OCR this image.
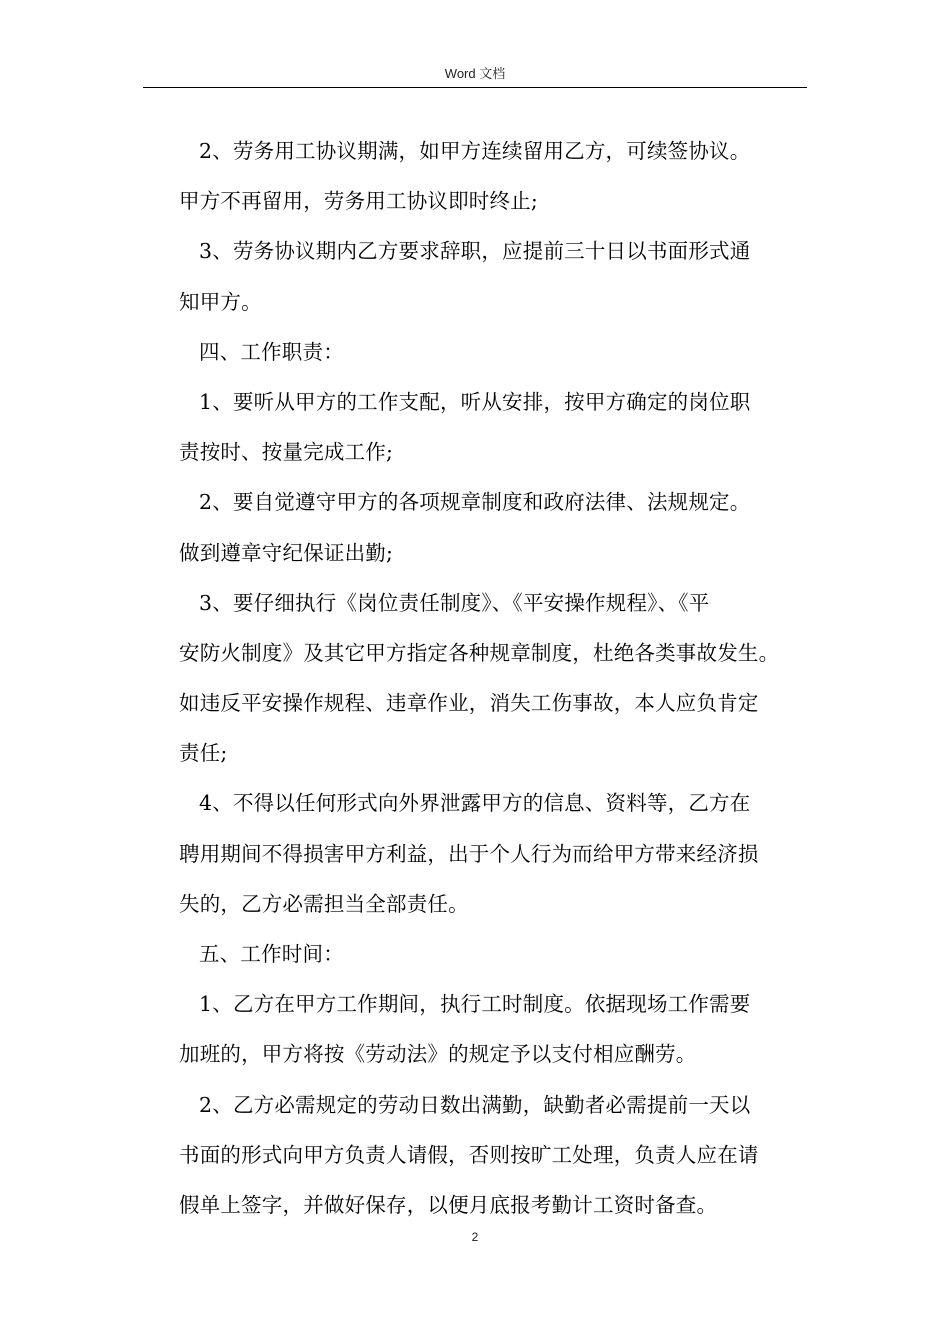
Word 文档
2、劳务用工协议期满，如甲方连续留用乙方，可续签协议。
甲方不再留用，劳务用工协议即时终止;
3、劳务协议期内乙方要求辞职，应提前三十日以书面形式通
知甲方。
四、工作职责：
1、要听从甲方的工作支配，听从安排，按甲方确定的岗位职
责按时、按量完成工作;
2、要自觉遵守甲方的各项规章制度和政府法律、法规规定。
做到遵章守纪保证出勤;
3、要仔细执行《岗位责任制度》、《平安操作规程》、《平
安防火制度》及其它甲方指定各种规章制度，杜绝各类事故发生。
如违反平安操作规程、违章作业，消失工伤事故，本人应负肯定
责任;
4、不得以任何形式向外界泄露甲方的信息、资料等，乙方在
聘用期间不得损害甲方利益，出于个人行为而给甲方带来经济损
失的，乙方必需担当全部责任。
五、工作时间：
1、乙方在甲方工作期间，执行工时制度。依据现场工作需要
加班的，甲方将按《劳动法》的规定予以支付相应酬劳。
2、乙方必需规定的劳动日数出满勤，缺勤者必需提前一天以
书面的形式向甲方负责人请假，否则按旷工处理，负责人应在请
假单上签字，并做好保存，以便月底报考勤计工资时备查。
2
